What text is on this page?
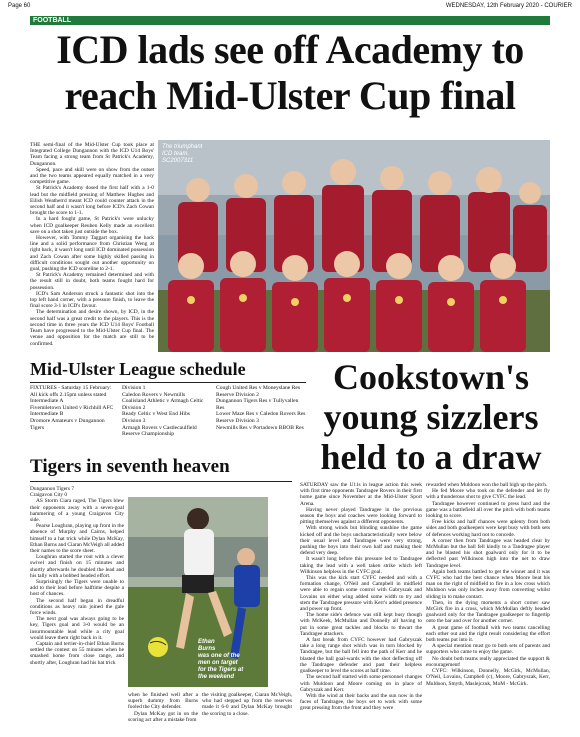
Page 60	WEDNESDAY, 12th February 2020 - COURIER
FOOTBALL
ICD lads see off Academy to
reach Mid-Ulster Cup final

THE semi-final of the Mid-Ulster Cup took place at Integrated College Dungannon with the ICD U14 Boys' Team facing a strong team from St Patrick's Academy, Dungannon.

Speed, pace and skill were on show from the outset and the two teams appeared equally matched in a very competitive game.

St Patrick's Academy dosed the first half with a 1-0 lead but the midfield pressing of Matthew Hughes and Eilish Weatherrd meant ICD could counter attack in the second half and it wasn't long before ICD's Zach Cowan brought the score to 1-1.

In a hard fought game, St Patrick's were unlucky when ICD goalkeeper Reuben Kelly made an excellent save on a shot taken just outside the box.

However, with Tommy Taggart organising the back line and a solid performance from Christian Weng at right back, it wasn't long until ICD dominated possession and Zach Cowan after some highly skilled passing in difficult conditions sought out another opportunity on goal, pushing the ICD scoreline to 2-1.

St Patrick's Academy remained determined and with the result still in doubt, both teams fought hard for possession.

ICD's Sam Anderson struck a fantastic shot into the top left hand corner, with a pressure finish, to leave the final score 3-1 in ICD's favour.

The determination and desire shown, by ICD, in the second half was a great credit to the players. This is the second time in three years the ICD U14 Boys' Football Team have progressed to the Mid-Ulster Cup final. The venue and opposition for the match are still to be confirmed.

The triumphant
ICD team.
SC2007311
Mid-Ulster League schedule
FIXTURES - Saturday 15 February:
All kick offs 2.15pm unless stated
Intermediate A
Fivemiletown United v Richhill AFC
Intermediate B
Dromore Amateurs v Dungannon Tigers
Division 1
Caledon Rovers v Newmills
Coalisland Athletic v Armagh Celtic
Division 2
Ready Celtic v West End Hibs
Division 3
Armagh Rovers v Castlecaulfield
Reserve Championship
Cough United Res v Moneyslane Res
Reserve Division 2
Dungannon Tigers Res v Tullyvallen Res
Lower Maze Res v Caledon Rovers Res
Reserve Division 3
Newmills Res v Portadown BBOB Res
Cookstown's
young sizzlers
held to a draw
Tigers in seventh heaven

Dungannon Tigers 7

Craigavon City 0

AS Storm Ciara raged, The Tigers blew their opponents away with a seven-goal hammering of a young Craigavon City side.

Pearse Loughran, playing up front in the absence of Murphy and Cairns, helped himself to a hat trick while Dylan McKay, Ethan Burns and Ciaran McVeigh all added their names to the score sheet.

Loughran started the rout with a clever swivel and finish on 15 minutes and shortly afterwards he doubled the lead and his tally with a bobbed headed effort.

Surprisingly the Tigers were unable to add to their lead before halftime despite a host of chances.

The second half began in dreadful conditions as heavy rain joined the gale force winds.

The next goal was always going to be key, Tigers goal and 3-0 would be an insurmountable lead while a city goal would leave them right back in it.

Captain and terrier-in-chief Ethan Burns settled the contest on 55 minutes when he smashed home from close range, and shortly after, Loughran had his hat trick

Ethan
Burns
was one of the
men on target
for the Tigers at
the weekend

when he finished well after a superb dummy from Burns fooled the City defender.

Dylan McKay got in on the scoring act after a mistake from

the visiting goalkeeper, Ciaran McVeigh, who had stepped up from the reserves made it 6-0 and Dylan McKay brought the scoring to a close.

SATURDAY saw the U11s in league action this week with first time opponents Tandragee Rovers in their first home game since November at the Mid-Ulster Sport Arena.

Having never played Tandragee in the previous season the boys and coaches were looking forward to pitting themselves against a different opponents.

With strong winds but blinding sunshine the game kicked off and the boys uncharacteristically were below their usual level and Tandragee were very strong, pushing the boys into their own half and making their defend very deep.

It wasn't long before this pressure led to Tandragee taking the lead with a well taken strike which left Wilkinson helpless in the CYFC goal.

This was the kick start CYFC needed and with a formation change, O'Neil and Campbell in midfield were able to regain some control with Gabryszak and Lovains on either wing added some width to try and stem the Tandragee pressure with Kerr's added presence and power up front.

The home side's defence was still kept busy though with McKeek, McMullan and Donnelly all having to put in some great tackles and blocks to thwart the Tandragee attackers.

A fast break from CYFC however had Gabryszak take a long range shot which was in turn blocked by Tandragee, but the ball fell into the path of Kerr and he blasted the ball goal-wards with the shot deflecting off the Tandragee defender and past their helpless goalkeeper to level the scores at half time.

The second half started with some personnel changes with Muldoon and Moore coming on in place of Gabryszak and Kerr.

With the wind at their backs and the sun now in the faces of Tandragee, the boys set to work with some great pressing from the front and they were

rewarded when Muldoon won the ball high up the pitch.

He fed Moore who took on the defender and let fly with a thunderous shot to give CYFC the lead.

Tandragee however continued to press hard and the game was a battlefield all over the pitch with both teams looking to score.

Free kicks and half chances were aplenty from both sides and both goalkeepers were kept busy with both sets of defences working hard not to concede.

A corner then from Tandragee was headed clear by McMullan but the ball fell kindly to a Tandragee player and he blasted his shot goalward only for it to be deflected past Wilkinson high into the net to draw Tandragee level.

Again both teams battled to get the winner and it was CYFC who had the best chance when Moore beat his man on the right of midfield to fire in a low cross which Muldoon was only inches away from converting whilst sliding in to make contact.

Then, in the dying moments a short corner saw McGirk fire in a cross, which McMullan deftly headed goalward only for the Tandragee goalkeeper to fingertip onto the bar and over for another corner.

A great game of football with two teams cancelling each other out and the right result considering the effort both teams put into it.

A special mention must go to both sets of parents and supporters who came to enjoy the game.

No doubt both teams really appreciated the support & encouragement!

CYFC: Wilkinson, Donnelly, McGirk, McMullan, O'Neil, Lovains, Campbell (c), Moore, Gabryszak, Kerr, Muldoon, Smyth, Maslejczuk, MoM - McGirk.
